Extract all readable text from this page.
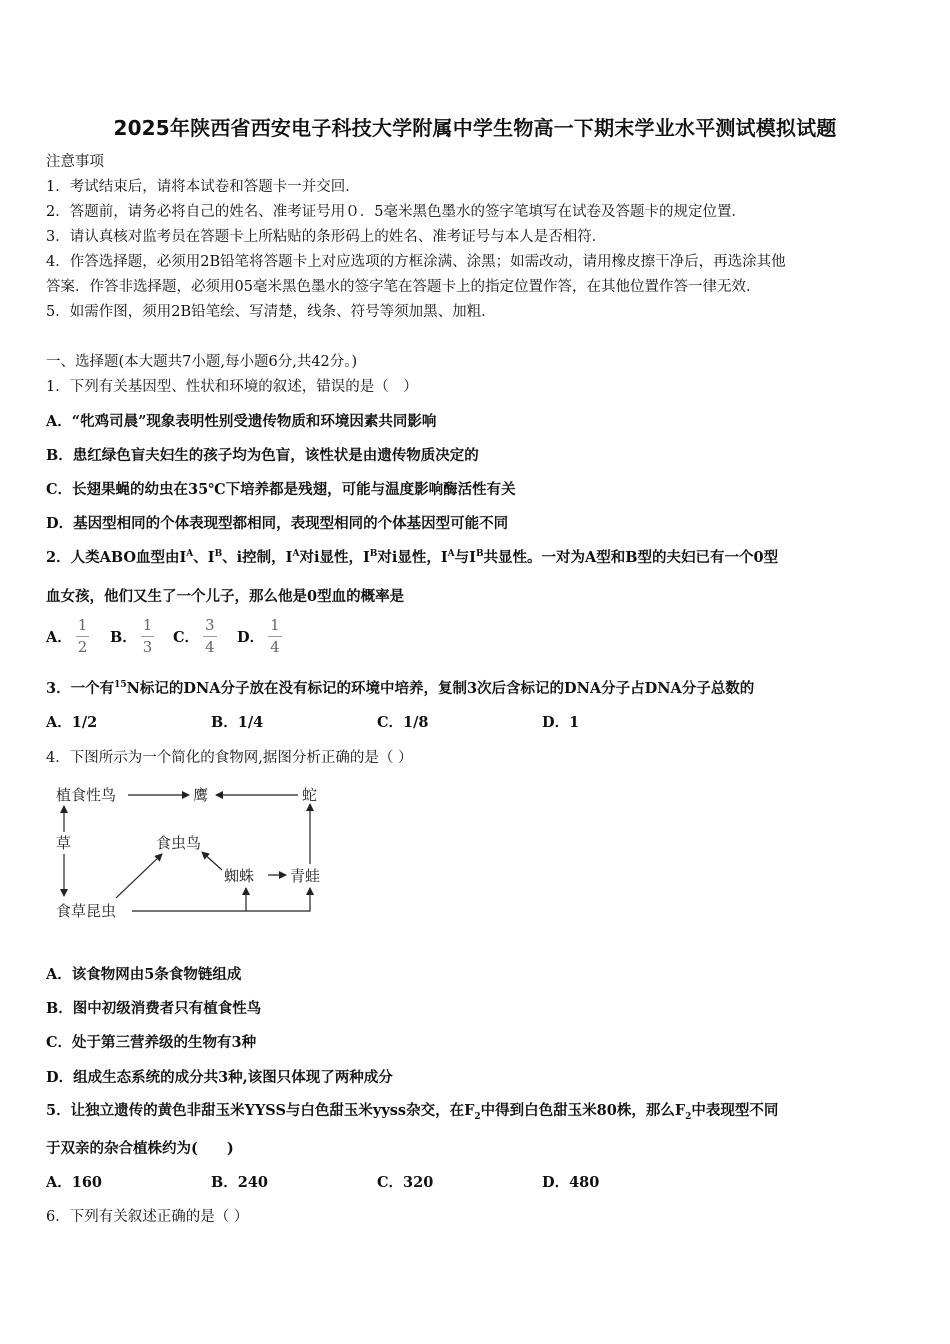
2025年陕西省西安电子科技大学附属中学生物高一下期末学业水平测试模拟试题
注意事项
1．考试结束后，请将本试卷和答题卡一并交回．
2．答题前，请务必将自己的姓名、准考证号用０．5毫米黑色墨水的签字笔填写在试卷及答题卡的规定位置．
3．请认真核对监考员在答题卡上所粘贴的条形码上的姓名、准考证号与本人是否相符．
4．作答选择题，必须用2B铅笔将答题卡上对应选项的方框涂满、涂黑；如需改动，请用橡皮擦干净后，再选涂其他
答案．作答非选择题，必须用05毫米黑色墨水的签字笔在答题卡上的指定位置作答，在其他位置作答一律无效．
5．如需作图，须用2B铅笔绘、写清楚，线条、符号等须加黑、加粗．
一、选择题(本大题共7小题,每小题6分,共42分。)
1．下列有关基因型、性状和环境的叙述，错误的是（　）
A．“牝鸡司晨”现象表明性别受遗传物质和环境因素共同影响
B．患红绿色盲夫妇生的孩子均为色盲，该性状是由遗传物质决定的
C．长翅果蝇的幼虫在35℃下培养都是残翅，可能与温度影响酶活性有关
D．基因型相同的个体表现型都相同，表现型相同的个体基因型可能不同
2．人类ABO血型由$I^A$、$I^B$、i控制，$I^A$对i显性，$I^B$对i显性，$I^A$与$I^B$共显性。一对为A型和B型的夫妇已有一个0型
血女孩，他们又生了一个儿子，那么他是0型血的概率是
A． $\frac{1}{2}$ B． $\frac{1}{3}$ C． $\frac{3}{4}$ D． $\frac{1}{4}$
3．一个有$^{15}$N标记的DNA分子放在没有标记的环境中培养，复制3次后含标记的DNA分子占DNA分子总数的
A．1/2	B．1/4	C．1/8	D．1
4．下图所示为一个简化的食物网,据图分析正确的是（ ）
植食性鸟	鹰	蛇
草	食虫鸟
蜘蛛 青蛙
食草昆虫
A．该食物网由5条食物链组成
B．图中初级消费者只有植食性鸟
C．处于第三营养级的生物有3种
D．组成生态系统的成分共3种,该图只体现了两种成分
5．让独立遗传的黄色非甜玉米YYSS与白色甜玉米yyss杂交，在$F_2$中得到白色甜玉米80株，那么$F_2$中表现型不同
于双亲的杂合植株约为(　　)
A．160	B．240	C．320	D．480
6．下列有关叙述正确的是（ ）
